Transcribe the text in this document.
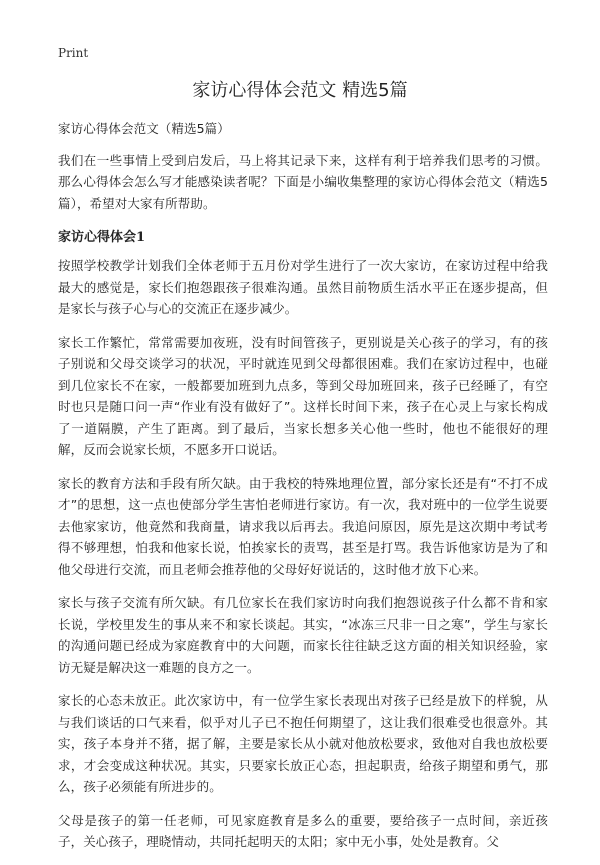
Print
家访心得体会范文 精选5篇

家访心得体会范文（精选5篇）

我们在一些事情上受到启发后，马上将其记录下来，这样有利于培养我们思考的习惯。那么心得体会怎么写才能感染读者呢？下面是小编收集整理的家访心得体会范文（精选5篇），希望对大家有所帮助。

家访心得体会1

按照学校教学计划我们全体老师于五月份对学生进行了一次大家访，在家访过程中给我最大的感觉是，家长们抱怨跟孩子很难沟通。虽然目前物质生活水平正在逐步提高，但是家长与孩子心与心的交流正在逐步减少。

家长工作繁忙，常常需要加夜班，没有时间管孩子，更别说是关心孩子的学习，有的孩子别说和父母交谈学习的状况，平时就连见到父母都很困难。我们在家访过程中，也碰到几位家长不在家，一般都要加班到九点多，等到父母加班回来，孩子已经睡了，有空时也只是随口问一声“作业有没有做好了”。这样长时间下来，孩子在心灵上与家长构成了一道隔膜，产生了距离。到了最后，当家长想多关心他一些时，他也不能很好的理解，反而会说家长烦，不愿多开口说话。

家长的教育方法和手段有所欠缺。由于我校的特殊地理位置，部分家长还是有“不打不成才”的思想，这一点也使部分学生害怕老师进行家访。有一次，我对班中的一位学生说要去他家家访，他竟然和我商量，请求我以后再去。我追问原因，原先是这次期中考试考得不够理想，怕我和他家长说，怕挨家长的责骂，甚至是打骂。我告诉他家访是为了和他父母进行交流，而且老师会推荐他的父母好好说话的，这时他才放下心来。

家长与孩子交流有所欠缺。有几位家长在我们家访时向我们抱怨说孩子什么都不肯和家长说，学校里发生的事从来不和家长谈起。其实，“冰冻三尺非一日之寒”，学生与家长的沟通问题已经成为家庭教育中的大问题，而家长往往缺乏这方面的相关知识经验，家访无疑是解决这一难题的良方之一。

家长的心态未放正。此次家访中，有一位学生家长表现出对孩子已经是放下的样貌，从与我们谈话的口气来看，似乎对儿子已不抱任何期望了，这让我们很难受也很意外。其实，孩子本身并不猪，据了解，主要是家长从小就对他放松要求，致他对自我也放松要求，才会变成这种状况。其实，只要家长放正心态，担起职责，给孩子期望和勇气，那么，孩子必须能有所进步的。

父母是孩子的第一任老师，可见家庭教育是多么的重要，要给孩子一点时间，亲近孩子，关心孩子，理晓情动，共同托起明天的太阳；家中无小事，处处是教育。父
